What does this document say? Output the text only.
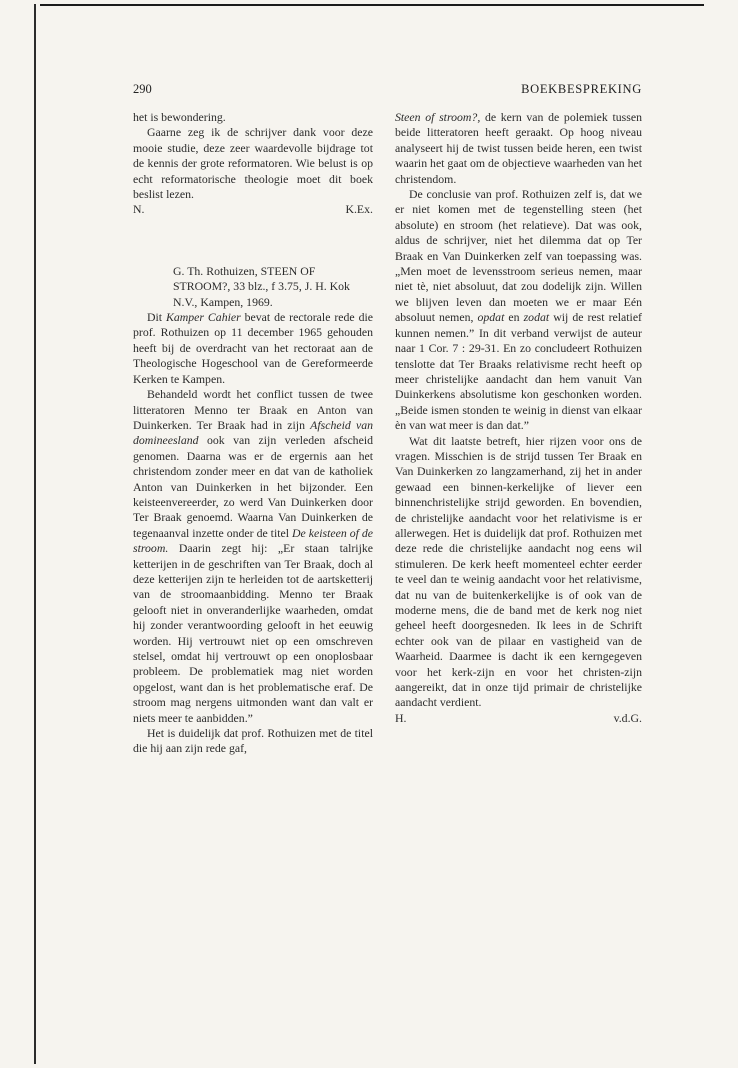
290	BOEKBESPREKING

het is bewondering.

Gaarne zeg ik de schrijver dank voor deze mooie studie, deze zeer waardevolle bijdrage tot de kennis der grote reformatoren. Wie belust is op echt reformatorische theologie moet dit boek beslist lezen.

N.	K.Ex.

G. Th. Rothuizen, STEEN OF STROOM?, 33 blz., f 3.75, J. H. Kok N.V., Kampen, 1969.

Dit Kamper Cahier bevat de rectorale rede die prof. Rothuizen op 11 december 1965 gehouden heeft bij de overdracht van het rectoraat aan de Theologische Hogeschool van de Gereformeerde Kerken te Kampen.

Behandeld wordt het conflict tussen de twee litteratoren Menno ter Braak en Anton van Duinkerken. Ter Braak had in zijn Afscheid van domineesland ook van zijn verleden afscheid genomen. Daarna was er de ergernis aan het christendom zonder meer en dat van de katholiek Anton van Duinkerken in het bijzonder. Een keisteenvereerder, zo werd Van Duinkerken door Ter Braak genoemd. Waarna Van Duinkerken de tegenaanval inzette onder de titel De keisteen of de stroom. Daarin zegt hij: „Er staan talrijke ketterijen in de geschriften van Ter Braak, doch al deze ketterijen zijn te herleiden tot de aartsketterij van de stroomaanbidding. Menno ter Braak gelooft niet in onveranderlijke waarheden, omdat hij zonder verantwoording gelooft in het eeuwig worden. Hij vertrouwt niet op een omschreven stelsel, omdat hij vertrouwt op een onoplosbaar probleem. De problematiek mag niet worden opgelost, want dan is het problematische eraf. De stroom mag nergens uitmonden want dan valt er niets meer te aanbidden.”

Het is duidelijk dat prof. Rothuizen met de titel die hij aan zijn rede gaf,

Steen of stroom?, de kern van de polemiek tussen beide litteratoren heeft geraakt. Op hoog niveau analyseert hij de twist tussen beide heren, een twist waarin het gaat om de objectieve waarheden van het christendom.

De conclusie van prof. Rothuizen zelf is, dat we er niet komen met de tegenstelling steen (het absolute) en stroom (het relatieve). Dat was ook, aldus de schrijver, niet het dilemma dat op Ter Braak en Van Duinkerken zelf van toepassing was. „Men moet de levensstroom serieus nemen, maar niet tè, niet absoluut, dat zou dodelijk zijn. Willen we blijven leven dan moeten we er maar Eén absoluut nemen, opdat en zodat wij de rest relatief kunnen nemen.” In dit verband verwijst de auteur naar 1 Cor. 7 : 29-31. En zo concludeert Rothuizen tenslotte dat Ter Braaks relativisme recht heeft op meer christelijke aandacht dan hem vanuit Van Duinkerkens absolutisme kon geschonken worden. „Beide ismen stonden te weinig in dienst van elkaar èn van wat meer is dan dat.”

Wat dit laatste betreft, hier rijzen voor ons de vragen. Misschien is de strijd tussen Ter Braak en Van Duinkerken zo langzamerhand, zij het in ander gewaad een binnen-kerkelijke of liever een binnenchristelijke strijd geworden. En bovendien, de christelijke aandacht voor het relativisme is er allerwegen. Het is duidelijk dat prof. Rothuizen met deze rede die christelijke aandacht nog eens wil stimuleren. De kerk heeft momenteel echter eerder te veel dan te weinig aandacht voor het relativisme, dat nu van de buitenkerkelijke is of ook van de moderne mens, die de band met de kerk nog niet geheel heeft doorgesneden. Ik lees in de Schrift echter ook van de pilaar en vastigheid van de Waarheid. Daarmee is dacht ik een kerngegeven voor het kerk-zijn en voor het christen-zijn aangereikt, dat in onze tijd primair de christelijke aandacht verdient.

H.	v.d.G.
